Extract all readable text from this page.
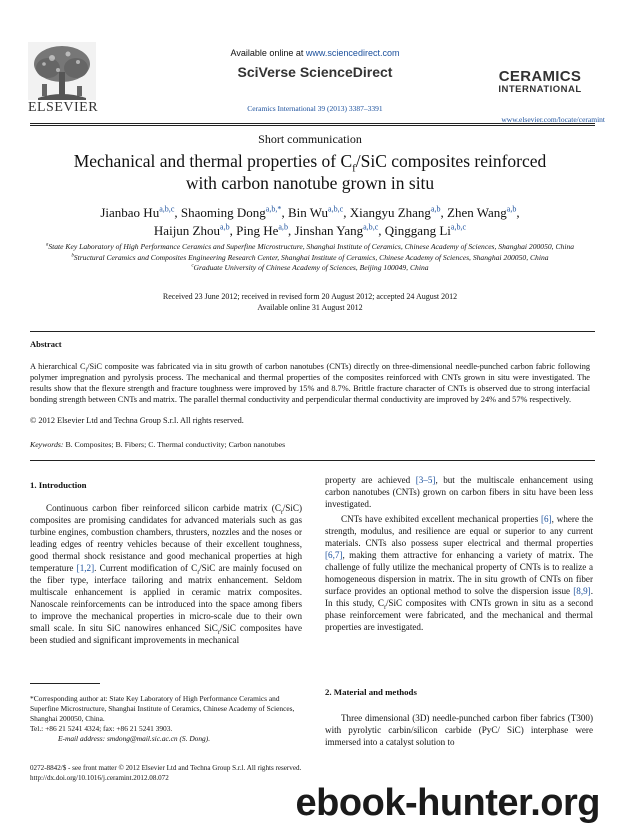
ELSEVIER
Available online at www.sciencedirect.com
SciVerse ScienceDirect
Ceramics International 39 (2013) 3387–3391
CERAMICS
INTERNATIONAL
www.elsevier.com/locate/ceramint
Short communication
Mechanical and thermal properties of $C_f$/SiC composites reinforced
with carbon nanotube grown in situ
Jianbao Hu$^{a,b,c}$, Shaoming Dong$^{a,b,*}$, Bin Wu$^{a,b,c}$, Xiangyu Zhang$^{a,b}$, Zhen Wang$^{a,b}$,
Haijun Zhou$^{a,b}$, Ping He$^{a,b}$, Jinshan Yang$^{a,b,c}$, Qinggang Li$^{a,b,c}$
$^a$State Key Laboratory of High Performance Ceramics and Superfine Microstructure, Shanghai Institute of Ceramics, Chinese Academy of Sciences, Shanghai 200050, China
$^b$Structural Ceramics and Composites Engineering Research Center, Shanghai Institute of Ceramics, Chinese Academy of Sciences, Shanghai 200050, China
$^c$Graduate University of Chinese Academy of Sciences, Beijing 100049, China
Received 23 June 2012; received in revised form 20 August 2012; accepted 24 August 2012
Available online 31 August 2012
Abstract
A hierarchical $C_f$/SiC composite was fabricated via in situ growth of carbon nanotubes (CNTs) directly on three-dimensional needle-punched carbon fabric following polymer impregnation and pyrolysis process. The mechanical and thermal properties of the composites reinforced with CNTs grown in situ were investigated. The results show that the flexure strength and fracture toughness were improved by 15% and 8.7%. Brittle fracture character of CNTs is observed due to strong interfacial bonding strength between CNTs and matrix. The parallel thermal conductivity and perpendicular thermal conductivity are improved by 24% and 57% respectively.
© 2012 Elsevier Ltd and Techna Group S.r.l. All rights reserved.
Keywords: B. Composites; B. Fibers; C. Thermal conductivity; Carbon nanotubes
1. Introduction
Continuous carbon fiber reinforced silicon carbide matrix $(C_f/SiC)$ composites are promising candidates for advanced materials such as gas turbine engines, combustion chambers, thrusters, nozzles and the noses or leading edges of reentry vehicles because of their excellent toughness, good thermal shock resistance and good mechanical properties at high temperature [1,2]. Current modification of $C_f$/SiC are mainly focused on the fiber type, interface tailoring and matrix enhancement. Seldom multiscale enhancement is applied in ceramic matrix composites. Nanoscale reinforcements can be introduced into the space among fibers to improve the mechanical properties in micro-scale due to their own small scale. In situ SiC nanowires enhanced SiC$_f$/SiC composites have been studied and significant improvements in mechanical
property are achieved [3–5], but the multiscale enhancement using carbon nanotubes (CNTs) grown on carbon fibers in situ have been less investigated.
CNTs have exhibited excellent mechanical properties [6], where the strength, modulus, and resilience are equal or superior to any current materials. CNTs also possess super electrical and thermal properties [6,7], making them attractive for enhancing a variety of matrix. The challenge of fully utilize the mechanical property of CNTs is to realize a homogeneous dispersion in matrix. The in situ growth of CNTs on fiber surface provides an optional method to solve the dispersion issue [8,9]. In this study, $C_f$/SiC composites with CNTs grown in situ as a second phase reinforcement were fabricated, and the mechanical and thermal properties are investigated.
2. Material and methods
Three dimensional (3D) needle-punched carbon fiber fabrics (T300) with pyrolytic carbin/silicon carbide (PyC/ SiC) interphase were immersed into a catalyst solution to
*Corresponding author at: State Key Laboratory of High Performance Ceramics and Superfine Microstructure, Shanghai Institute of Ceramics, Chinese Academy of Sciences, Shanghai 200050, China.
Tel.: +86 21 5241 4324; fax: +86 21 5241 3903.
E-mail address: smdong@mail.sic.ac.cn (S. Dong).
0272-8842/$ - see front matter © 2012 Elsevier Ltd and Techna Group S.r.l. All rights reserved.
http://dx.doi.org/10.1016/j.ceramint.2012.08.072
ebook-hunter.org
